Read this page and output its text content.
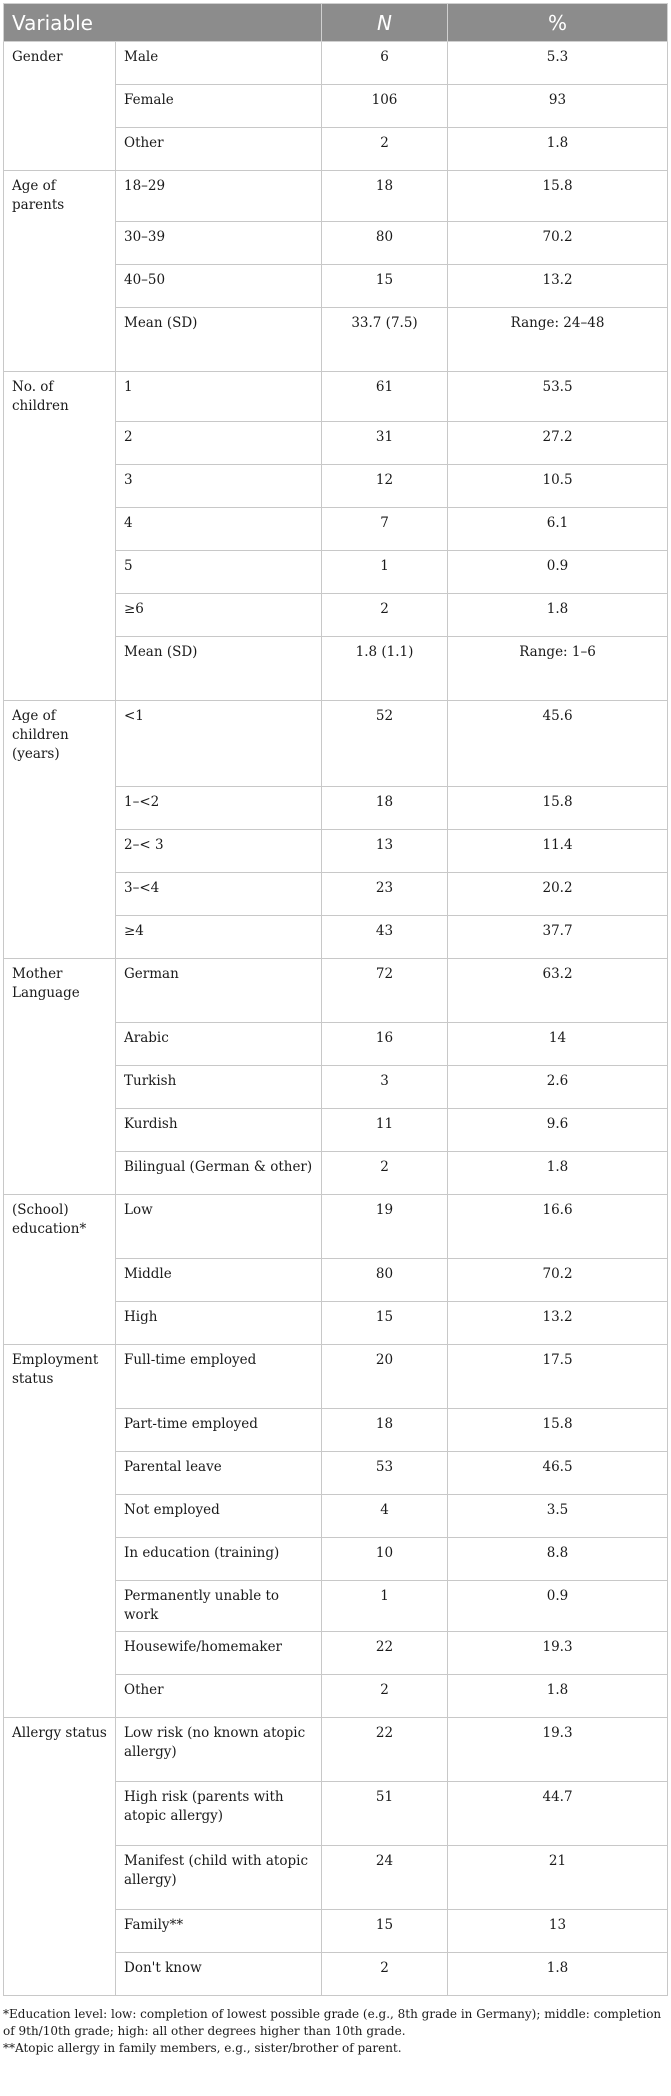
Variable		N	%
Gender	Male	6	5.3
	Female	106	93
	Other	2	1.8
Age of parents	18–29	18	15.8
	30–39	80	70.2
	40–50	15	13.2
	Mean (SD)	33.7 (7.5)	Range: 24–48
No. of children	1	61	53.5
	2	31	27.2
	3	12	10.5
	4	7	6.1
	5	1	0.9
	≥6	2	1.8
	Mean (SD)	1.8 (1.1)	Range: 1–6
Age of children (years)	<1	52	45.6
	1–<2	18	15.8
	2–< 3	13	11.4
	3–<4	23	20.2
	≥4	43	37.7
Mother Language	German	72	63.2
	Arabic	16	14
	Turkish	3	2.6
	Kurdish	11	9.6
	Bilingual (German & other)	2	1.8
(School) education*	Low	19	16.6
	Middle	80	70.2
	High	15	13.2
Employment status	Full-time employed	20	17.5
	Part-time employed	18	15.8
	Parental leave	53	46.5
	Not employed	4	3.5
	In education (training)	10	8.8
	Permanently unable to work	1	0.9
	Housewife/homemaker	22	19.3
	Other	2	1.8
Allergy status	Low risk (no known atopic allergy)	22	19.3
	High risk (parents with atopic allergy)	51	44.7
	Manifest (child with atopic allergy)	24	21
	Family**	15	13
	Don't know	2	1.8

*Education level: low: completion of lowest possible grade (e.g., 8th grade in Germany); middle: completion of 9th/10th grade; high: all other degrees higher than 10th grade.

**Atopic allergy in family members, e.g., sister/brother of parent.
